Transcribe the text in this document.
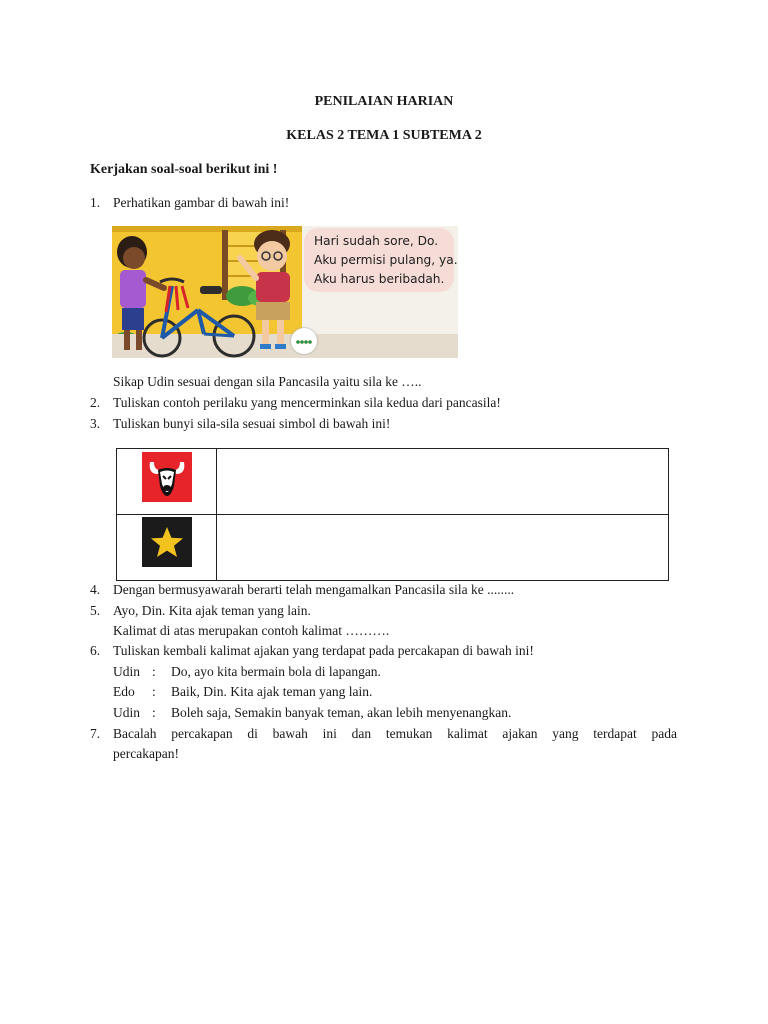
PENILAIAN HARIAN
KELAS 2 TEMA 1 SUBTEMA 2
Kerjakan soal-soal berikut ini !
1. Perhatikan gambar di bawah ini!
Hari sudah sore, Do.
Aku permisi pulang, ya.
Aku harus beribadah.
Sikap Udin sesuai dengan sila Pancasila yaitu sila ke …..
2. Tuliskan contoh perilaku yang mencerminkan sila kedua dari pancasila!
3. Tuliskan bunyi sila-sila sesuai simbol di bawah ini!
4. Dengan bermusyawarah berarti telah mengamalkan Pancasila sila ke ........
5. Ayo, Din. Kita ajak teman yang lain.
Kalimat di atas merupakan contoh kalimat ……….
6. Tuliskan kembali kalimat ajakan yang terdapat pada percakapan di bawah ini!
Udin :	Do, ayo kita bermain bola di lapangan.
Edo	:	Baik, Din. Kita ajak teman yang lain.
Udin :	Boleh saja, Semakin banyak teman, akan lebih menyenangkan.
7. Bacalah percakapan di bawah ini dan temukan kalimat ajakan yang terdapat pada
percakapan!
